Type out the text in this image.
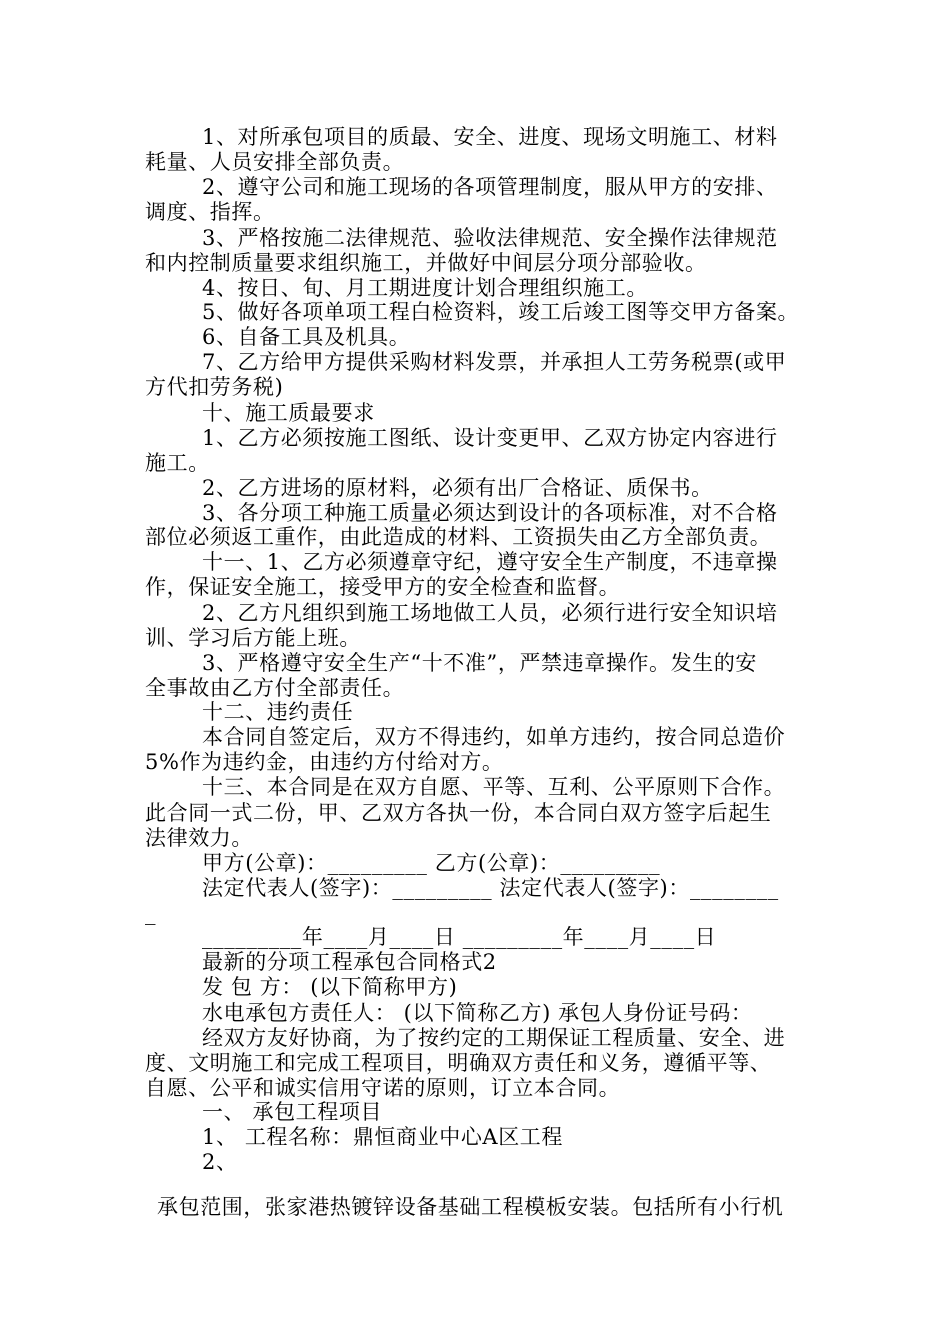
1、对所承包项目的质最、安全、进度、现场文明施工、材料

耗量、人员安排全部负责。

2、遵守公司和施工现场的各项管理制度，服从甲方的安排、

调度、指挥。

3、严格按施二法律规范、验收法律规范、安全操作法律规范

和内控制质量要求组织施工，并做好中间层分项分部验收。

4、按日、旬、月工期进度计划合理组织施工。

5、做好各项单项工程白检资料，竣工后竣工图等交甲方备案。

6、自备工具及机具。

7、乙方给甲方提供采购材料发票，并承担人工劳务税票(或甲

方代扣劳务税)

十、施工质最要求

1、乙方必须按施工图纸、设计变更甲、乙双方协定内容进行

施工。

2、乙方进场的原材料，必须有出厂合格证、质保书。

3、各分项工种施工质量必须达到设计的各项标准，对不合格

部位必须返工重作，由此造成的材料、工资损失由乙方全部负责。

十一、1、乙方必须遵章守纪，遵守安全生产制度，不违章操

作，保证安全施工，接受甲方的安全检查和监督。

2、乙方凡组织到施工场地做工人员，必须行进行安全知识培

训、学习后方能上班。

3、严格遵守安全生产“十不准”，严禁违章操作。发生的安

全事故由乙方付全部责任。

十二、违约责任

本合同自签定后，双方不得违约，如单方违约，按合同总造价

5%作为违约金，由违约方付给对方。

十三、本合同是在双方自愿、平等、互利、公平原则下合作。

此合同一式二份，甲、乙双方各执一份，本合同白双方签字后起生

法律效力。

甲方(公章)：_________ 乙方(公章)：_________

法定代表人(签字)：_________ 法定代表人(签字)：________

_

_________年____月____日 _________年____月____日

最新的分项工程承包合同格式2

发 包 方： (以下简称甲方)

水电承包方责任人： (以下简称乙方) 承包人身份证号码：

经双方友好协商，为了按约定的工期保证工程质量、安全、进

度、文明施工和完成工程项目，明确双方责任和义务，遵循平等、

自愿、公平和诚实信用守诺的原则，订立本合同。

一、 承包工程项目

1、 工程名称：鼎恒商业中心A区工程

2、

承包范围，张家港热镀锌设备基础工程模板安装。包括所有小行机
